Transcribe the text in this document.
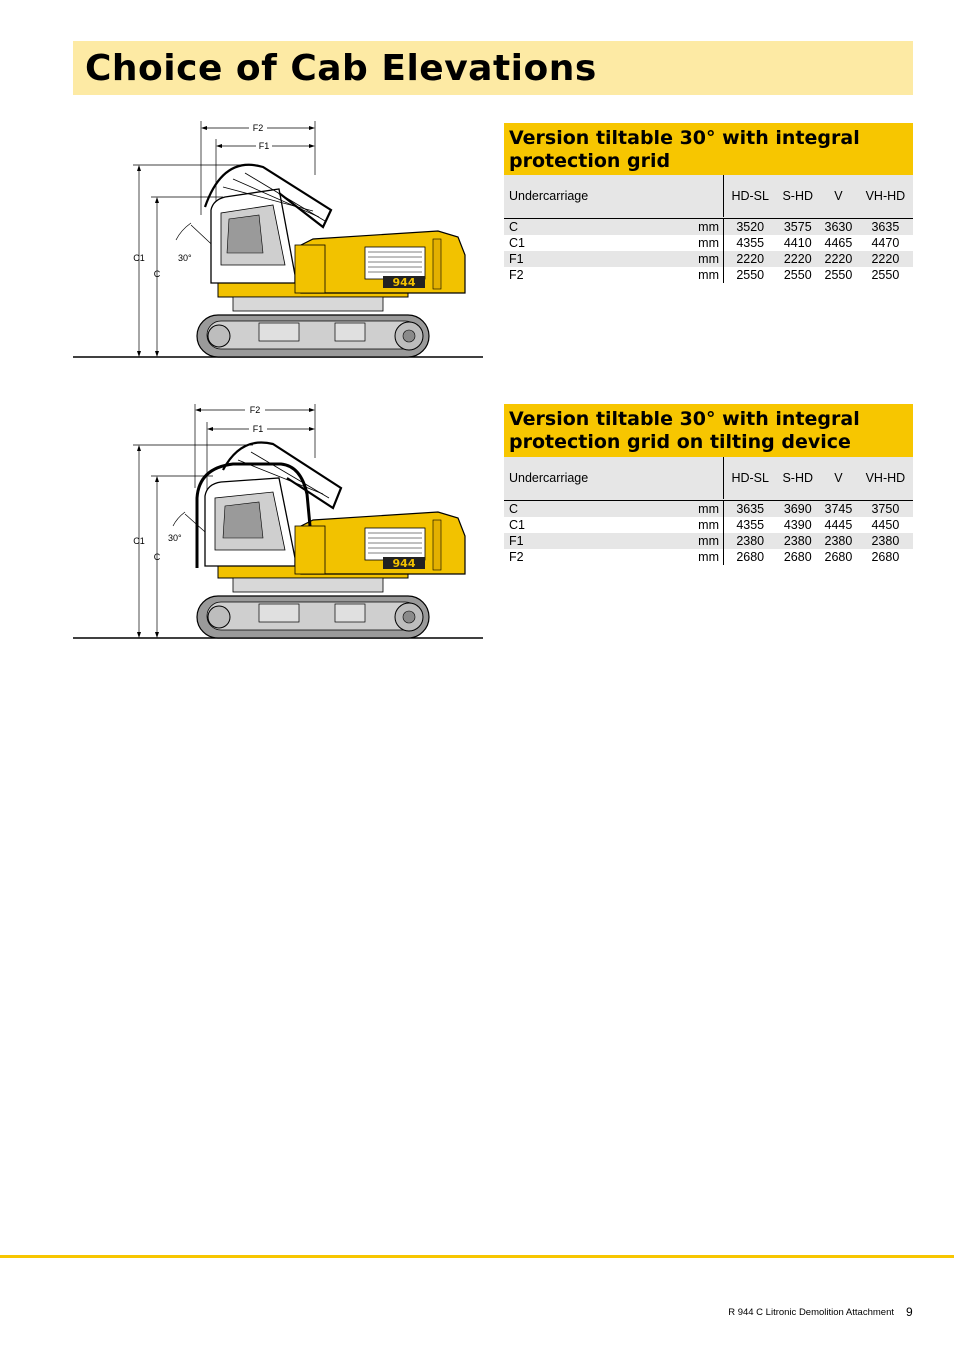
Choice of Cab Elevations
F2
F1
C1
C
30°
944
Version tiltable 30° with integral protection grid
Undercarriage		HD-SL	S-HD	V	VH-HD

C	mm	3520	3575	3630	3635
C1	mm	4355	4410	4465	4470
F1	mm	2220	2220	2220	2220
F2	mm	2550	2550	2550	2550
F2
F1
C1
C
30°
944
Version tiltable 30° with integral protection grid on tilting device
Undercarriage		HD-SL	S-HD	V	VH-HD

C	mm	3635	3690	3745	3750
C1	mm	4355	4390	4445	4450
F1	mm	2380	2380	2380	2380
F2	mm	2680	2680	2680	2680
R 944 C Litronic Demolition Attachment 9
